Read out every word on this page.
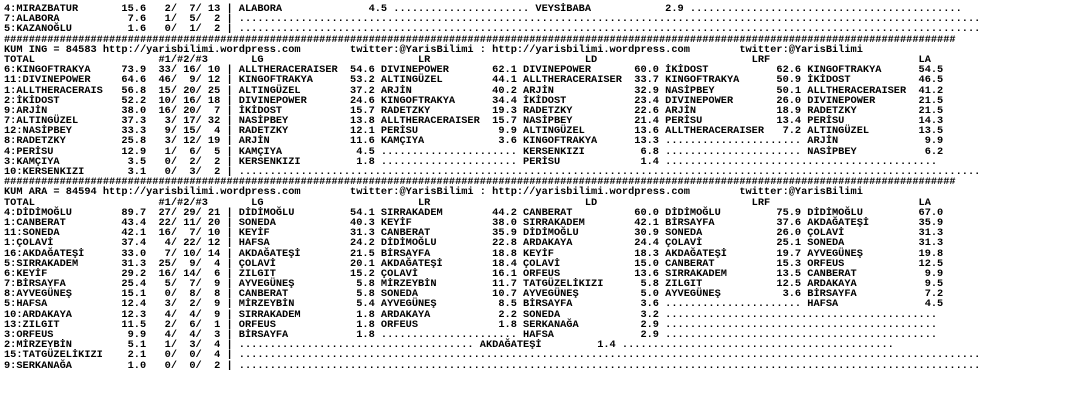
4:MIRAZBATUR       15.6   2/  7/ 13 | ALABORA              4.5 ...................... VEYSİBABA            2.9 ............................................
7:ALABORA           7.6   1/  5/  2 | ........................................................................................................................
5:KAZANOĞLU         1.6   0/  1/  2 | ........................................................................................................................
##########################################################################################################################################################
KUM ING = 84583 http://yarisbilimi.wordpress.com        twitter:@YarisBilimi : http://yarisbilimi.wordpress.com        twitter:@YarisBilimi
TOTAL                    #1/#2/#3       LG                         LR                         LD                         LRF                        LA
6:KINGOFTRAKYA     73.9  33/ 16/ 10 | ALLTHERACERAISER  54.6 DIVINEPOWER       62.1 DIVINEPOWER       60.0 İKİDOST           62.6 KINGOFTRAKYA      54.5
11:DIVINEPOWER     64.6  46/  9/ 12 | KINGOFTRAKYA      53.2 ALTINGÜZEL        44.1 ALLTHERACERAISER  33.7 KINGOFTRAKYA      50.9 İKİDOST           46.5
1:ALLTHERACERAIS   56.8  15/ 20/ 25 | ALTINGÜZEL        37.2 ARJİN             40.2 ARJİN             32.9 NASİPBEY          50.1 ALLTHERACERAISER  41.2
2:İKİDOST          52.2  10/ 16/ 18 | DIVINEPOWER       24.6 KINGOFTRAKYA      34.4 İKİDOST           23.4 DIVINEPOWER       26.0 DIVINEPOWER       21.5
9:ARJİN            38.0  16/ 20/  7 | İKİDOST           15.7 RADETZKY          19.3 RADETZKY          22.6 ARJİN             18.9 RADETZKY          21.5
7:ALTINGÜZEL       37.3   3/ 17/ 32 | NASİPBEY          13.8 ALLTHERACERAISER  15.7 NASİPBEY          21.4 PERİSU            13.4 PERİSU            14.3
12:NASİPBEY        33.3   9/ 15/  4 | RADETZKY          12.1 PERİSU             9.9 ALTINGÜZEL        13.6 ALLTHERACERAISER   7.2 ALTINGÜZEL        13.5
8:RADETZKY         25.8   3/ 12/ 19 | ARJİN             11.6 KAMÇIYA            3.6 KINGOFTRAKYA      13.3 ...................... ARJİN              9.9
4:PERİSU           12.9   1/  6/  5 | KAMÇIYA            4.5 ...................... KERSENKIZI         6.8 ...................... NASİPBEY           6.2
3:KAMÇIYA           3.5   0/  2/  2 | KERSENKIZI         1.8 ...................... PERİSU             1.4 ............................................
10:KERSENKIZI       3.1   0/  3/  2 | ........................................................................................................................
##########################################################################################################################################################
KUM ARA = 84594 http://yarisbilimi.wordpress.com        twitter:@YarisBilimi : http://yarisbilimi.wordpress.com        twitter:@YarisBilimi
TOTAL                    #1/#2/#3       LG                         LR                         LD                         LRF                        LA
4:DİDİMOĞLU        89.7  27/ 29/ 21 | DİDİMOĞLU         54.1 SIRRAKADEM        44.2 CANBERAT          60.0 DİDİMOĞLU         75.9 DİDİMOĞLU         67.0
1:CANBERAT         43.4  22/ 11/ 20 | SONEDA            40.3 KEYİF             38.0 SIRRAKADEM        42.1 BİRSAYFA          37.6 AKDAĞATEŞİ        35.9
11:SONEDA          42.1  16/  7/ 10 | KEYİF             31.3 CANBERAT          35.9 DİDİMOĞLU         30.9 SONEDA            26.0 ÇOLAVİ            31.3
1:ÇOLAVİ           37.4   4/ 22/ 12 | HAFSA             24.2 DİDİMOĞLU         22.8 ARDAKAYA          24.4 ÇOLAVİ            25.1 SONEDA            31.3
16:AKDAĞATEŞİ      33.0   7/ 10/ 14 | AKDAĞATEŞİ        21.5 BİRSAYFA          18.8 KEYİF             18.3 AKDAĞATEŞİ        19.7 AYVEGÜNEŞ         19.8
5:SIRRAKADEM       31.3  25/  9/  4 | ÇOLAVİ            20.1 AKDAĞATEŞİ        18.4 ÇOLAVİ            15.0 CANBERAT          15.3 ORFEUS            12.5
6:KEYİF            29.2  16/ 14/  6 | ZILGIT            15.2 ÇOLAVİ            16.1 ORFEUS            13.6 SIRRAKADEM        13.5 CANBERAT           9.9
7:BİRSAYFA         25.4   5/  7/  9 | AYVEGÜNEŞ          5.8 MİRZEYBİN         11.7 TATGÜZELİKIZI      5.8 ZILGIT            12.5 ARDAKAYA           9.5
8:AYVEGÜNEŞ        15.1   0/  8/  8 | CANBERAT           5.8 SONEDA            10.7 AYVEGÜNEŞ          5.0 AYVEGÜNEŞ          3.6 BİRSAYFA           7.2
5:HAFSA            12.4   3/  2/  9 | MİRZEYBİN          5.4 AYVEGÜNEŞ          8.5 BİRSAYFA           3.6 ...................... HAFSA              4.5
10:ARDAKAYA        12.3   4/  4/  9 | SIRRAKADEM         1.8 ARDAKAYA           2.2 SONEDA             3.2 ............................................
13:ZILGIT          11.5   2/  6/  1 | ORFEUS             1.8 ORFEUS             1.8 SERKANAĞA          2.9 ............................................
3:ORFEUS            9.9   4/  4/  3 | BİRSAYFA           1.8 ...................... HAFSA              2.9 ............................................
2:MİRZEYBİN         5.1   1/  3/  4 | ...................................... AKDAĞATEŞİ         1.4 ............................................
15:TATGÜZELİKIZI    2.1   0/  0/  4 | ........................................................................................................................
9:SERKANAĞA         1.0   0/  0/  2 | ........................................................................................................................
